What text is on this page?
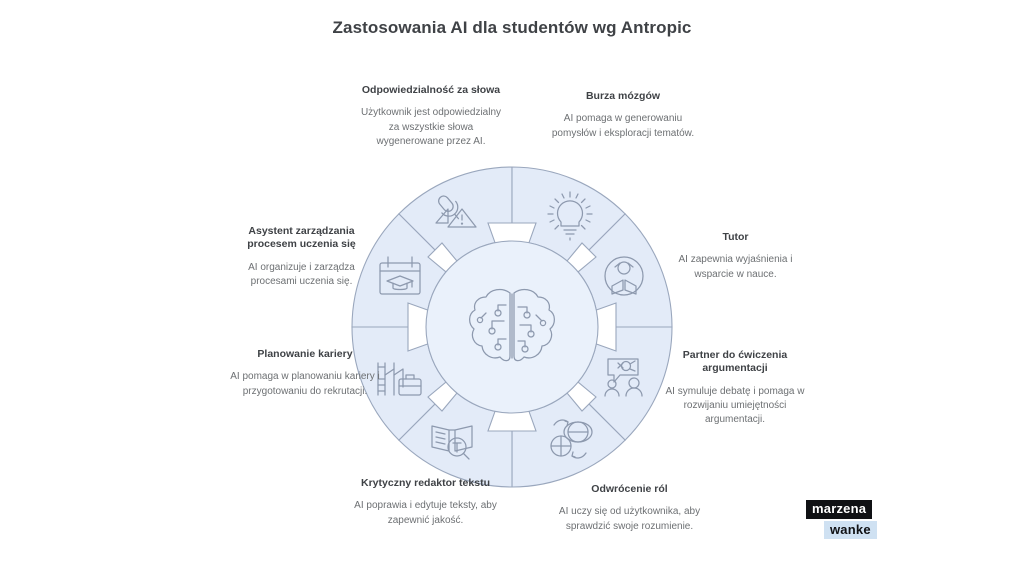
Zastosowania AI dla studentów wg Antropic
Odpowiedzialność za słowa
Użytkownik jest odpowiedzialny za wszystkie słowa wygenerowane przez AI.
Burza mózgów
AI pomaga w generowaniu pomysłów i eksploracji tematów.
Asystent zarządzania procesem uczenia się
AI organizuje i zarządza procesami uczenia się.
Tutor
AI zapewnia wyjaśnienia i wsparcie w nauce.
Planowanie kariery
AI pomaga w planowaniu kariery i przygotowaniu do rekrutacji.
Partner do ćwiczenia argumentacji
AI symuluje debatę i pomaga w rozwijaniu umiejętności argumentacji.
Krytyczny redaktor tekstu
AI poprawia i edytuje teksty, aby zapewnić jakość.
Odwrócenie ról
AI uczy się od użytkownika, aby sprawdzić swoje rozumienie.
marzena
wanke
